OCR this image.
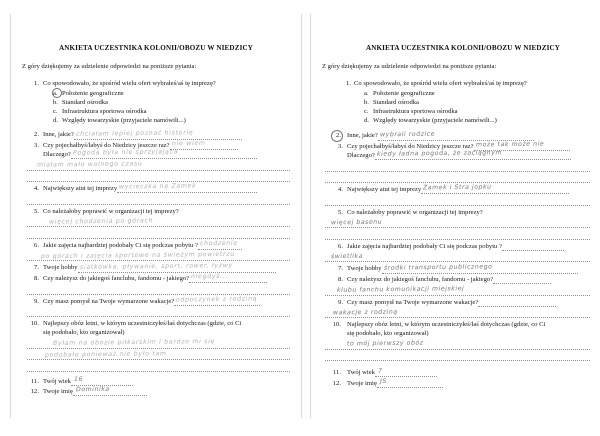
ANKIETA UCZESTNIKA KOLONII/OBOZU W NIEDZICY
Z góry dziękujemy za udzielenie odpowiedzi na poniższe pytania:
1. Co spowodowało, że spośród wielu ofert wybrałeś/aś tę imprezę?
a. Położenie geograficzne
b. Standard ośrodka
c. Infrastruktura sportowa ośrodka
d. Względy towarzyskie (przyjaciele namówili...)
2. Inne, jakie? chciałam lepiej poznać historię
3. Czy pojechałbyś/łabyś do Niedzicy jeszcze raz? nie wiem
Dlaczego? Pogoda była nie sprzyjająca
miałam mało wolnego czasu
4. Największy atut tej imprezy wycieczka na Zamek
5. Co należałoby poprawić w organizacji tej imprezy?
więcej chodzenia po górach
6. Jakie zajęcia najbardziej podobały Ci się podczas pobytu ? chodzenie
po górach i zajęcia sportowe na świeżym powietrzu
7. Twoje hobby siatkówka, pływanie, sport, rower, łyżwy
8. Czy należysz do jakiegoś fanclubu, fandomu - jakiego? niegdyś...
9. Czy masz pomysł na Twoje wymarzone wakacje? odpoczynek z rodziną
10. Najlepszy obóz letni, w którym uczestniczyłeś/łaś dotychczas (gdzie, co Ci
się podobało, kto organizował)
Byłam na obozie piłkarskim i bardzo mi się
podobało ponieważ nie było tam
11. Twój wiek 16
12. Twoje imię Dominika
ANKIETA UCZESTNIKA KOLONII/OBOZU W NIEDZICY
Z góry dziękujemy za udzielenie odpowiedzi na poniższe pytania:
1. Co spowodowało, że spośród wielu ofert wybrałeś/aś tę imprezę?
a. Położenie geograficzne
b. Standard ośrodka
c. Infrastruktura sportowa ośrodka
d. Względy towarzyskie (przyjaciele namówili...)
2. Inne, jakie? wybrali rodzice
3. Czy pojechałbyś/łabyś do Niedzicy jeszcze raz? może tak może nie
Dlaczego? kiedy ładna pogoda, że zaciągnym
4. Największy atut tej imprezy Zamek i Stra jopku
5. Co należałoby poprawić w organizacji tej imprezy?
więcej basenu
6. Jakie zajęcia najbardziej podobały Ci się podczas pobytu ?
świetlika
7. Twoje hobby środki transportu publicznego
8. Czy należysz do jakiegoś fanclubu, fandomu - jakiego?
klubu fanchu komunikacji miejskiej
9. Czy masz pomysł na Twoje wymarzone wakacje?
wakacje z rodziną
10. Najlepszy obóz letni, w którym uczestniczyłeś/łaś dotychczas (gdzie, co Ci
się podobało, kto organizował)
to mój pierwszy obóz
11. Twój wiek 7
12. Twoje imię JS
